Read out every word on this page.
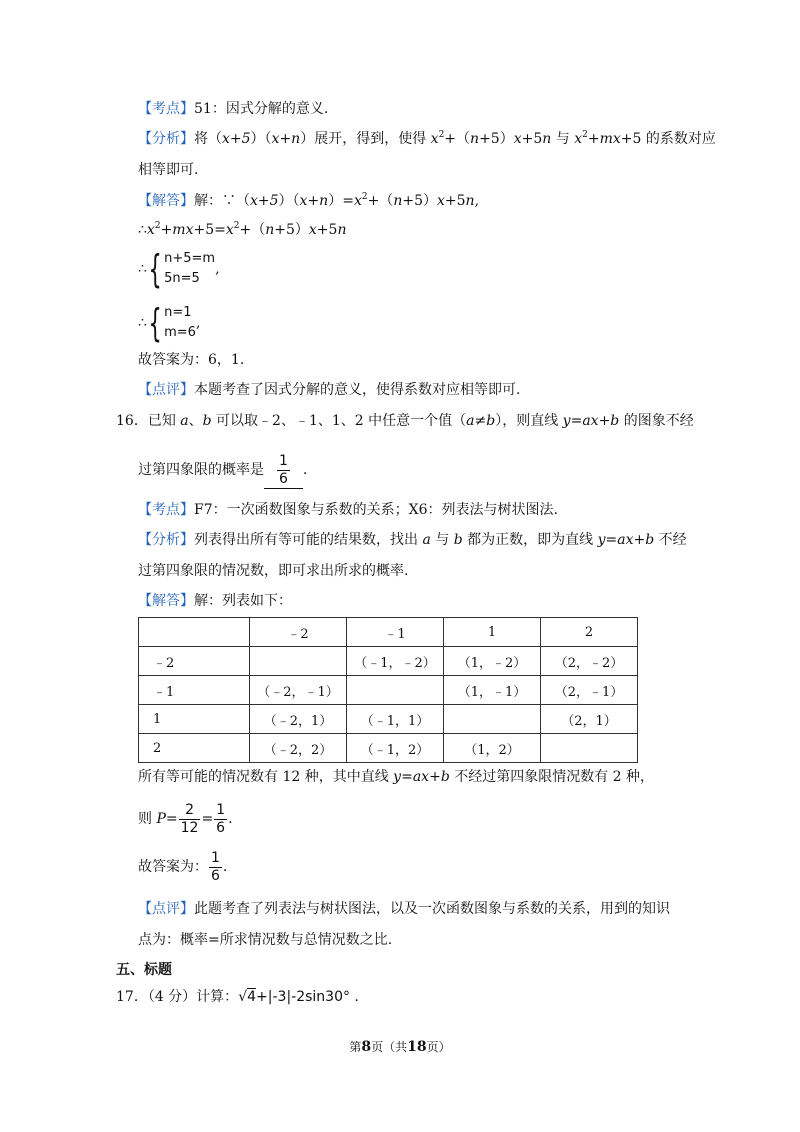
【考点】51：因式分解的意义.
【分析】将（x+5）（x+n）展开，得到，使得 $x^2+(n+5)x+5n$ 与 $x^2+mx+5$ 的系数对应
相等即可.
【解答】解：$\because(x+5)(x+n)=x^2+(n+5)x+5n$,
$\therefore x^2+mx+5=x^2+(n+5)x+5n$
∴ { n+5=m
5n=5
,
∴ { n=1
m=6
,
故答案为：6，1.
【点评】本题考查了因式分解的意义，使得系数对应相等即可.
16．已知 a、b 可以取﹣2、﹣1、1、2 中任意一个值（a≠b），则直线 y=ax+b 的图象不经
过第四象限的概率是 $\frac{1}{6}$ .
【考点】F7：一次函数图象与系数的关系；X6：列表法与树状图法.
【分析】列表得出所有等可能的结果数，找出 a 与 b 都为正数，即为直线 y=ax+b 不经
过第四象限的情况数，即可求出所求的概率.
【解答】解：列表如下：
	﹣2	﹣1	1	2
﹣2		（﹣1，﹣2）	（1，﹣2）	（2，﹣2）
﹣1	（﹣2，﹣1）		（1，﹣1）	（2，﹣1）
1	（﹣2，1）	（﹣1，1）		（2，1）
2	（﹣2，2）	（﹣1，2）	（1，2）	
所有等可能的情况数有 12 种，其中直线 y=ax+b 不经过第四象限情况数有 2 种，
则 $P= \frac{2}{12} = \frac{1}{6}$ .
故答案为： $\frac{1}{6}$ .
【点评】此题考查了列表法与树状图法，以及一次函数图象与系数的关系，用到的知识
点为：概率=所求情况数与总情况数之比.
五、标题
17．（4 分）计算：√4+|-3|-2sin30° .
第8页（共18页）
